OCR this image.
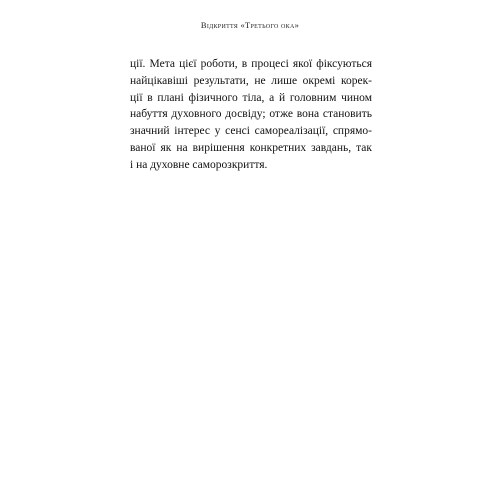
Відкриття «Третього ока»
ції. Мета цієї роботи, в процесі якої фіксуються
найцікавіші результати, не лише окремі корек-
ції в плані фізичного тіла, а й головним чином
набуття духовного досвіду; отже вона становить
значний інтерес у сенсі самореалізації, спрямо-
ваної як на вирішення конкретних завдань, так
і на духовне саморозкриття.
